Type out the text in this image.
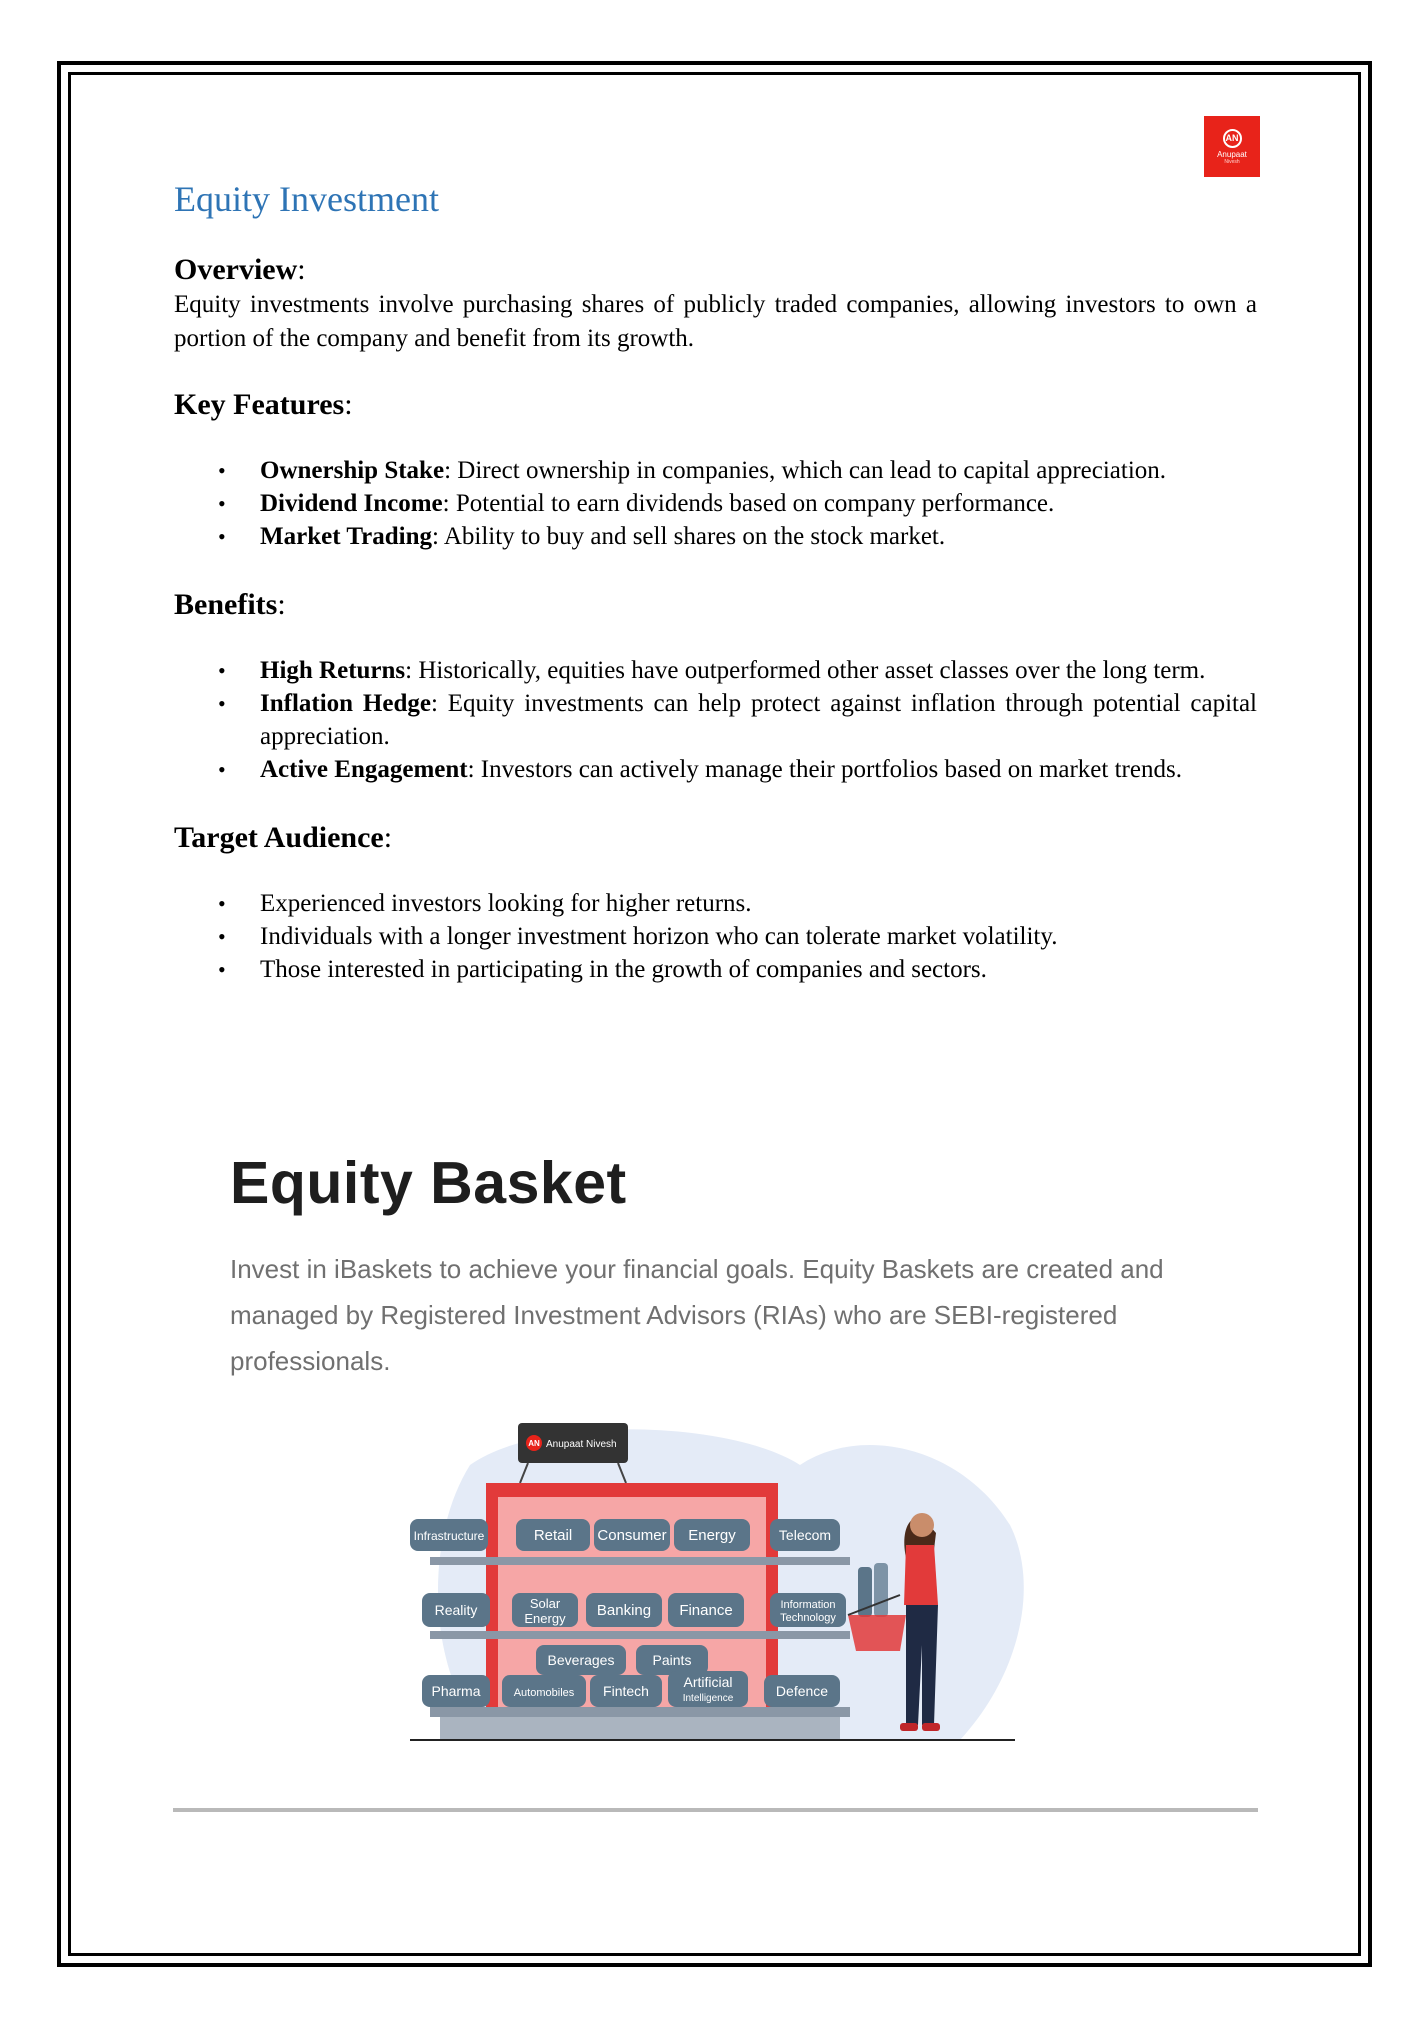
AN
Anupaat
Nivesh
Equity Investment
Overview:

Equity investments involve purchasing shares of publicly traded companies, allowing investors to own a portion of the company and benefit from its growth.

Key Features:
• Ownership Stake: Direct ownership in companies, which can lead to capital appreciation.
• Dividend Income: Potential to earn dividends based on company performance.
• Market Trading: Ability to buy and sell shares on the stock market.
Benefits:
• High Returns: Historically, equities have outperformed other asset classes over the long term.
• Inflation Hedge: Equity investments can help protect against inflation through potential capital appreciation.
• Active Engagement: Investors can actively manage their portfolios based on market trends.
Target Audience:
• Experienced investors looking for higher returns.
• Individuals with a longer investment horizon who can tolerate market volatility.
• Those interested in participating in the growth of companies and sectors.
Equity Basket
Invest in iBaskets to achieve your financial goals. Equity Baskets are created and managed by Registered Investment Advisors (RIAs) who are SEBI-registered professionals.
AN Anupaat Nivesh
Infrastructure	Retail Consumer Energy	Telecom
Reality	Solar
Energy Banking Finance	Information
Technology
Beverages	Paints
Pharma	Automobiles Fintech
Artificial
Intelligence	Defence
